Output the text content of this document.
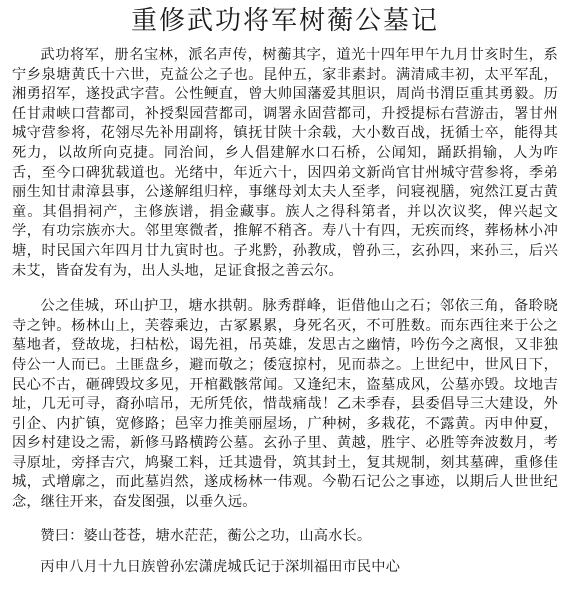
重修武功将军树蘅公墓记

武功将军，册名宝林，派名声传，树蘅其字，道光十四年甲午九月廿亥时生，系宁乡泉塘黄氏十六世，克益公之子也。昆仲五，家非素封。满清咸丰初，太平军乱，湘勇招军，遂投武字营。公性鲠直，曾大帅国藩爱其胆识，周尚书渭臣重其勇毅。历任甘肃峡口营都司，补授梨园营都司，调署永固营都司，升授提标右营游击，署甘州城守营参将，花翎尽先补用副将，镇抚甘陕十余载，大小数百战，抚循士卒，能得其死力，以故所向克捷。同治间，乡人倡建解水口石桥，公闻知，踊跃捐输，人为咋舌，至今口碑犹载道也。光绪中，年近六十，因四弟文新尚官甘州城守营参将，季弟丽生知甘肃漳县事，公遂解组归梓，事继母刘太夫人至孝，问寝视膳，宛然江夏古黄童。其倡捐祠产，主修族谱，捐金藏事。族人之得科第者，并以次议奖，俾兴起文学，有功宗族亦大。邻里寒微者，推解不稍吝。寿八十有四，无疾而终，葬杨林小冲塘，时民国六年四月廿九寅时也。子兆黔，孙教成，曾孙三，玄孙四，来孙三，后兴未艾，皆奋发有为，出人头地，足证食报之善云尔。

公之佳城，环山护卫，塘水拱朝。脉秀群峰，讵借他山之石；邻依三角，备聆晓寺之钟。杨林山上，芙蓉乘边，古冢累累，身死名灭，不可胜数。而东西往来于公之墓地者，登故垅，扫枯松，谒先祖，吊英雄，发思古之幽情，吟伤今之离恨，又非独侍公一人而已。土匪盘乡，避而敬之；倭寇掠村，见而恭之。上世纪中，世风日下，民心不古，砸碑毁坟多见，开棺戳骸常闻。又逢纪末，盗墓成风，公墓亦毁。坟地吉址，几无可寻，裔孙唁吊，无所凭依，惜哉痛哉！乙未季春，县委倡导三大建设，外引企、内扩镇，宽修路；邑宰力推美丽屋场，广种树，多栽花，不露黄。丙申仲夏，因乡村建设之需，新修马路横跨公墓。玄孙子里、黄越，胜宇、必胜等奔波数月，考寻原址，旁择吉穴，鸠聚工料，迁其遗骨，筑其封土，复其规制，刻其墓碑，重修佳城，式增廓之，而此墓岿然，遂成杨林一伟观。今勒石记公之事迹，以期后人世世纪念，继往开来，奋发图强，以垂久远。

赞曰：婆山苍苍，塘水茫茫，蘅公之功，山高水长。

丙申八月十九日族曾孙宏潇虎城氏记于深圳福田市民中心
